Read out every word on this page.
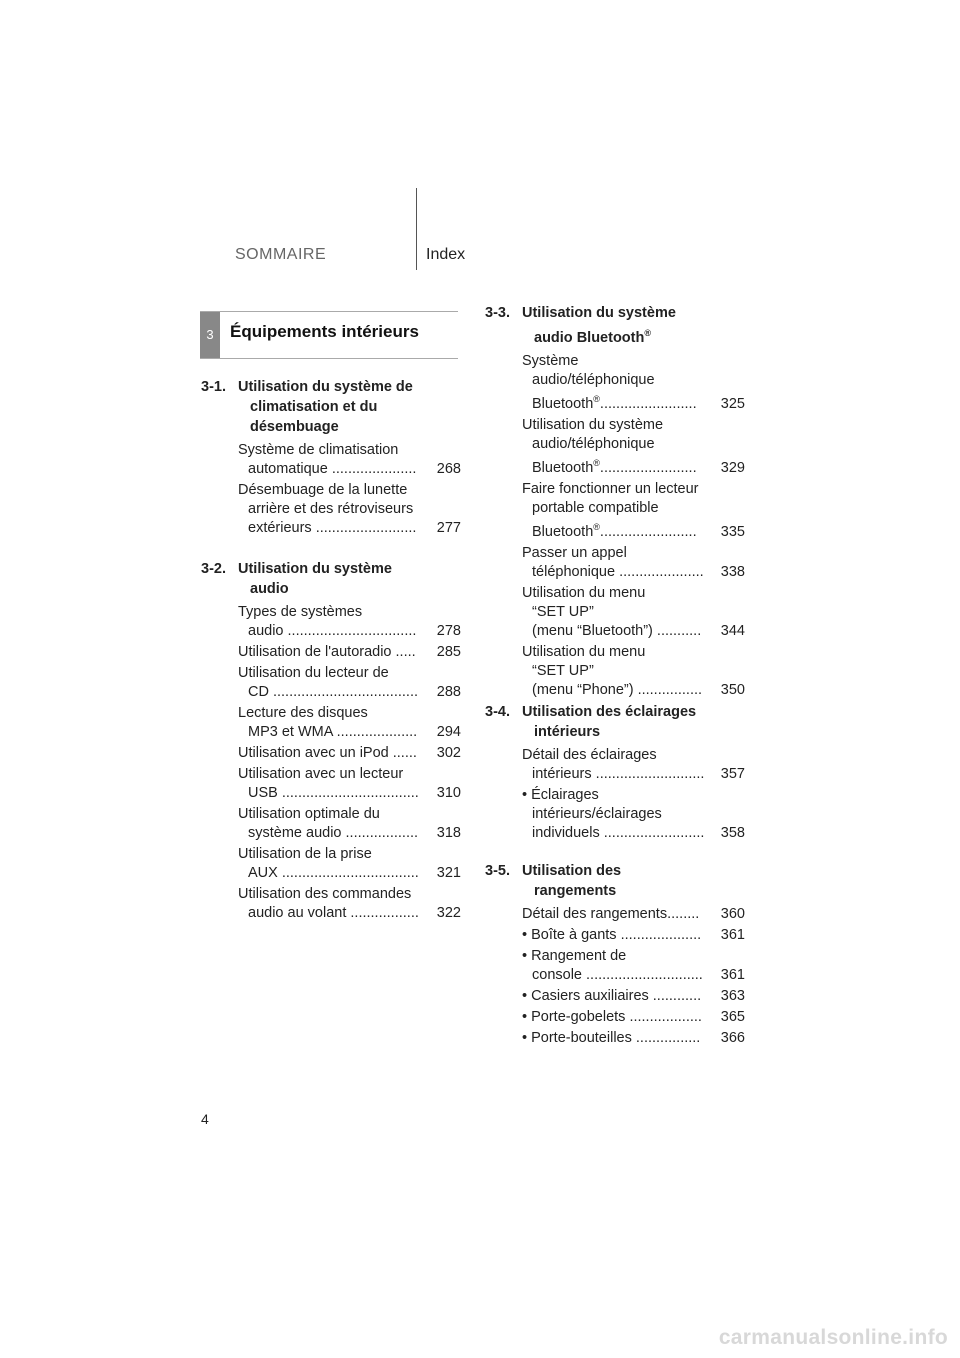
SOMMAIRE	Index
3 Équipements intérieurs
3-1. Utilisation du système de
climatisation et du
désembuage
Système de climatisation
automatique .....................	268
Désembuage de la lunette
arrière et des rétroviseurs
extérieurs .........................	277
3-2. Utilisation du système
audio
Types de systèmes
audio ................................	278
Utilisation de l'autoradio .....	285
Utilisation du lecteur de
CD ....................................	288
Lecture des disques
MP3 et WMA ....................	294
Utilisation avec un iPod ......	302
Utilisation avec un lecteur
USB ..................................	310
Utilisation optimale du
système audio ..................	318
Utilisation de la prise
AUX ..................................	321
Utilisation des commandes
audio au volant .................	322
3-3. Utilisation du système
audio Bluetooth®
Système
audio/téléphonique
Bluetooth®........................	325
Utilisation du système
audio/téléphonique
Bluetooth®........................	329
Faire fonctionner un lecteur
portable compatible
Bluetooth®........................	335
Passer un appel
téléphonique .....................	338
Utilisation du menu
“SET UP”
(menu “Bluetooth”) ...........	344
Utilisation du menu
“SET UP”
(menu “Phone”) ................	350
3-4. Utilisation des éclairages
intérieurs
Détail des éclairages
intérieurs ...........................	357
• Éclairages
intérieurs/éclairages
individuels .........................	358
3-5. Utilisation des
rangements
Détail des rangements........	360
• Boîte à gants ....................	361
• Rangement de
console .............................	361
• Casiers auxiliaires ............	363
• Porte-gobelets ..................	365
• Porte-bouteilles ................	366
4
carmanualsonline.info
